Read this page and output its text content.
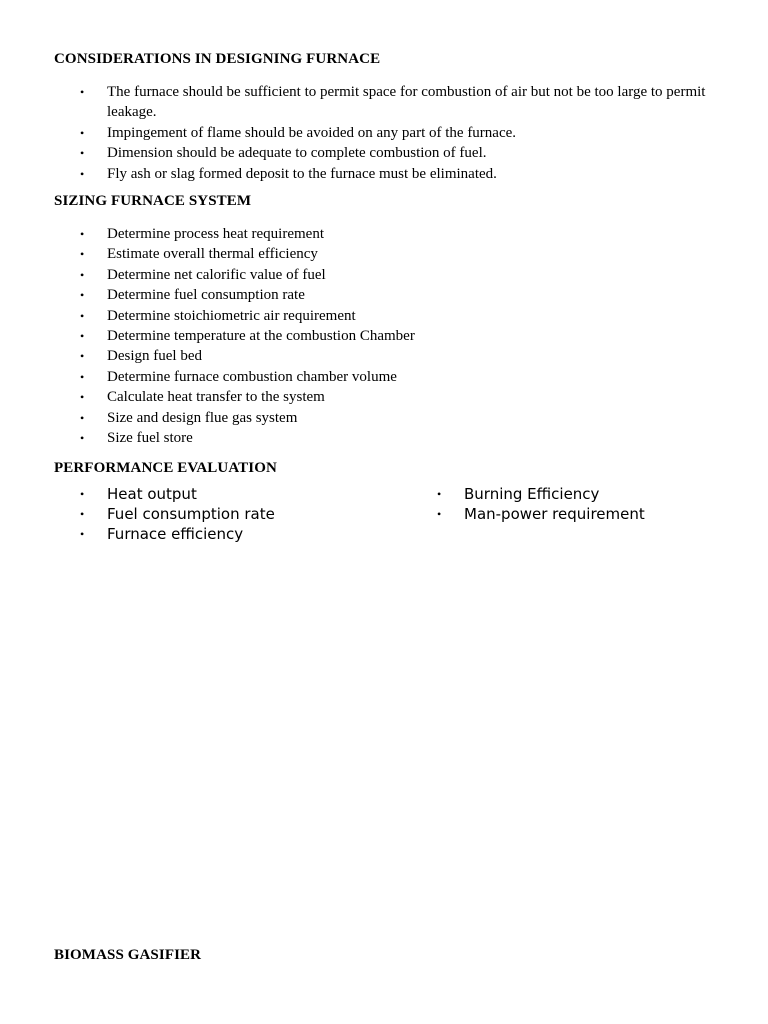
CONSIDERATIONS IN DESIGNING FURNACE
• The furnace should be sufficient to permit space for combustion of air but not be too large to permit leakage.
• Impingement of flame should be avoided on any part of the furnace.
• Dimension should be adequate to complete combustion of fuel.
• Fly ash or slag formed deposit to the furnace must be eliminated.
SIZING FURNACE SYSTEM
• Determine process heat requirement
• Estimate overall thermal efficiency
• Determine net calorific value of fuel
• Determine fuel consumption rate
• Determine stoichiometric air requirement
• Determine temperature at the combustion Chamber
• Design fuel bed
• Determine furnace combustion chamber volume
• Calculate heat transfer to the system
• Size and design flue gas system
• Size fuel store
PERFORMANCE EVALUATION
• Heat output
• Fuel consumption rate
• Furnace efficiency
• Burning Efficiency
• Man-power requirement
BIOMASS GASIFIER
